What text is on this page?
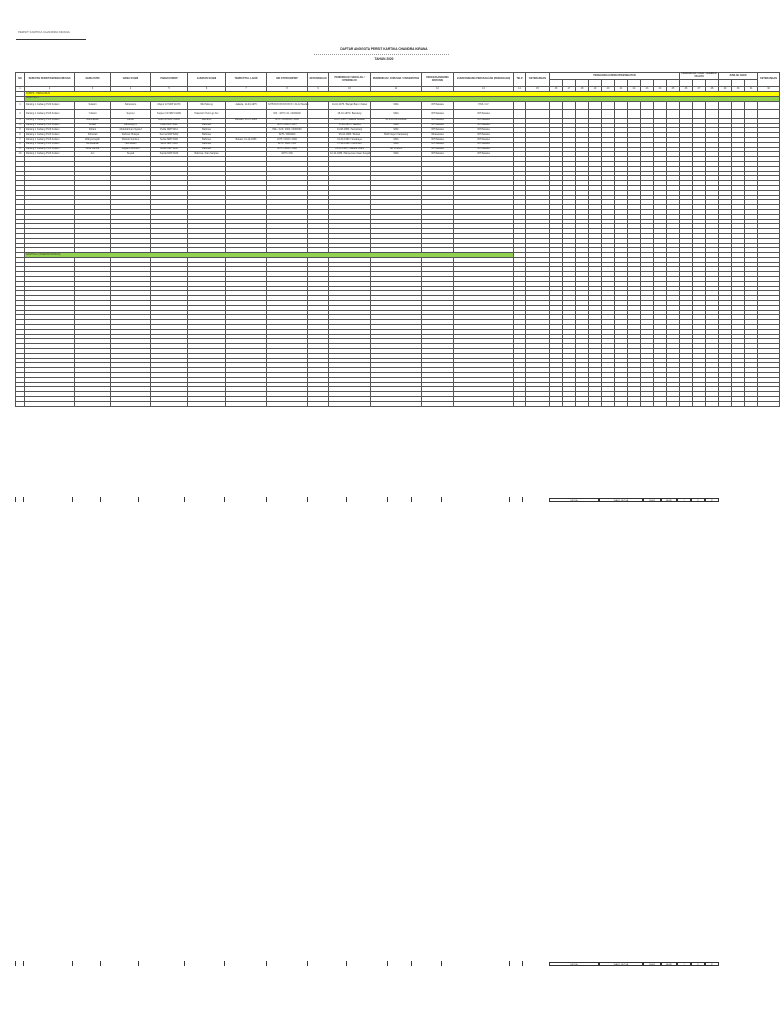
PERSIT KARTIKA CHANDRA KIRANA
DAFTAR ANGGOTA PERSIT KARTIKA CHANDRA KIRANA
TAHUN 2020
NO	SEBUTAN PERSIT/KEPENGURUSAN	NAMA ISTRI	NAMA SUAMI	PANGKAT/NRP	JABATAN SUAMI	TEMPAT/TGL LAHIR	NIK KTP/KK/NPWP	KETERANGAN	PENDIDIKAN / SEKOLAH / DITERIMA DI	PENDIDIKAN / JURUSAN / UNIVERSITAS	PEKERJAAN/NAMA INSTANSI	JABATAN/NAMA PERUSAHAAN (PEKERJAAN)	TELP	KETERANGAN	PENGHARGAAN/SIKAP/KESEHATAN										PENDIDIKAN / AKIB / NUMBER / BALITA			JUMLAH ANAK			KETERANGAN

1	2	3	4	5	6	7	8	9	10	11	12	13	14	15	16	17	18	19	20	21	22	23	24	25	26	27	28	29	30	31	32
	KORPS : PENGURUS																														
	RANTING 1																														
1	Ranting 1 Cabang XVIII Kodam	Sulastri	Suharsono	Mayor Inf NRP 11070	Wk Pabung	Jakarta, 14-04-1975	3275XXXXXXXXXXXX / 31-12 Medan		14-10-1975 / Banjar Baru / Kalsel	SMA	IRT/Swasta	PNS / CV																			
2	Ranting 1 Cabang XVIII Kodam	Yulianti	Suyono	Kapten Inf NRP 21030	Pakorwil / Peb Lgs Sm		NIK : 3275 / 01 / 0000000		25-01-1979 / Bandung	SMA	IRT/Swasta	IRT/Swasta																			
3	Ranting 1 Cabang XVIII Kodam	Rahmawati	Daniel	Lettu Inf NRP 31300	Danramil	Manado, 01-07-1985	3273 / 0000000 / 2003		03-07-1985 / Jakarta Selatan	S1 Ilmu Komunikasi	IRT/Swasta	IRT/Swasta																			
4	Ranting 1 Cabang XVIII Kodam	Lestari	Bambang S	Peltu NRP 5102	Babinsa		3275 / 2014 / 2017		17-09-1972 / Jakarta	SMA	IRT/Swasta	IRT/Swasta																			
5	Ranting 1 Cabang XVIII Kodam	Fitriani	Abdulrahman Syarief	Pelda NRP 5014	Babinsa		PEL / 123 / 2000 / 0000000		10-08-1980 / Semarang	SMA	IRT/Swasta	IRT/Swasta																			
6	Ranting 1 Cabang XVIII Kodam	Srihartati	Rahmat Hidayat	Serma NRP 6202	Babinsa		3275 / 0000000		08-04-1985 / Bekasi	SMA Negeri Karawang	Wiraswasta	IRT/Swasta																			
7	Ranting 1 Cabang XVIII Kodam	Wahyuningsih	Widodo Sutrisno	Serka NRP 6300	Babinsa	Bekasi, 10-10-1983	3275 / 0000 / 0000		16-03-1983 / Surabaya	SMA	IRT/Swasta	IRT/Swasta																			
8	Ranting 1 Cabang XVIII Kodam	Nurhasanah	Hermawan	Sertu NRP 6140	Babinsa		3275 / 0000 / 001		17-09-1988 / Kebumen	SMA	IRT/Swasta	IRT/Swasta																			
9	Ranting 1 Cabang XVIII Kodam	Dewi Kartika	Sugiarto Wibowo	Serda NRP 6200	Babinsa		3275 / 0000 / 2008		23-04-1986 / Jakarta Utara	SD Cirebon	IRT/Swasta	IRT/Swasta																			
10	Ranting 1 Cabang XVIII Kodam	Ani	Suyadi	Kopda NRP 3100	Babinsa / Dan Sarpras		3275 / 000		10-10-1986 / Banyumas Jawa Tengah	SMA	IRT/Swasta	IRT/Swasta																			

	RANTING 2 (DAERAH/KOMAN)																														

KETUA	WAKIL KETUA	SEKR	BEND	I	II	III
KETUA	WAKIL KETUA	SEKR	BEND	I	II	III
